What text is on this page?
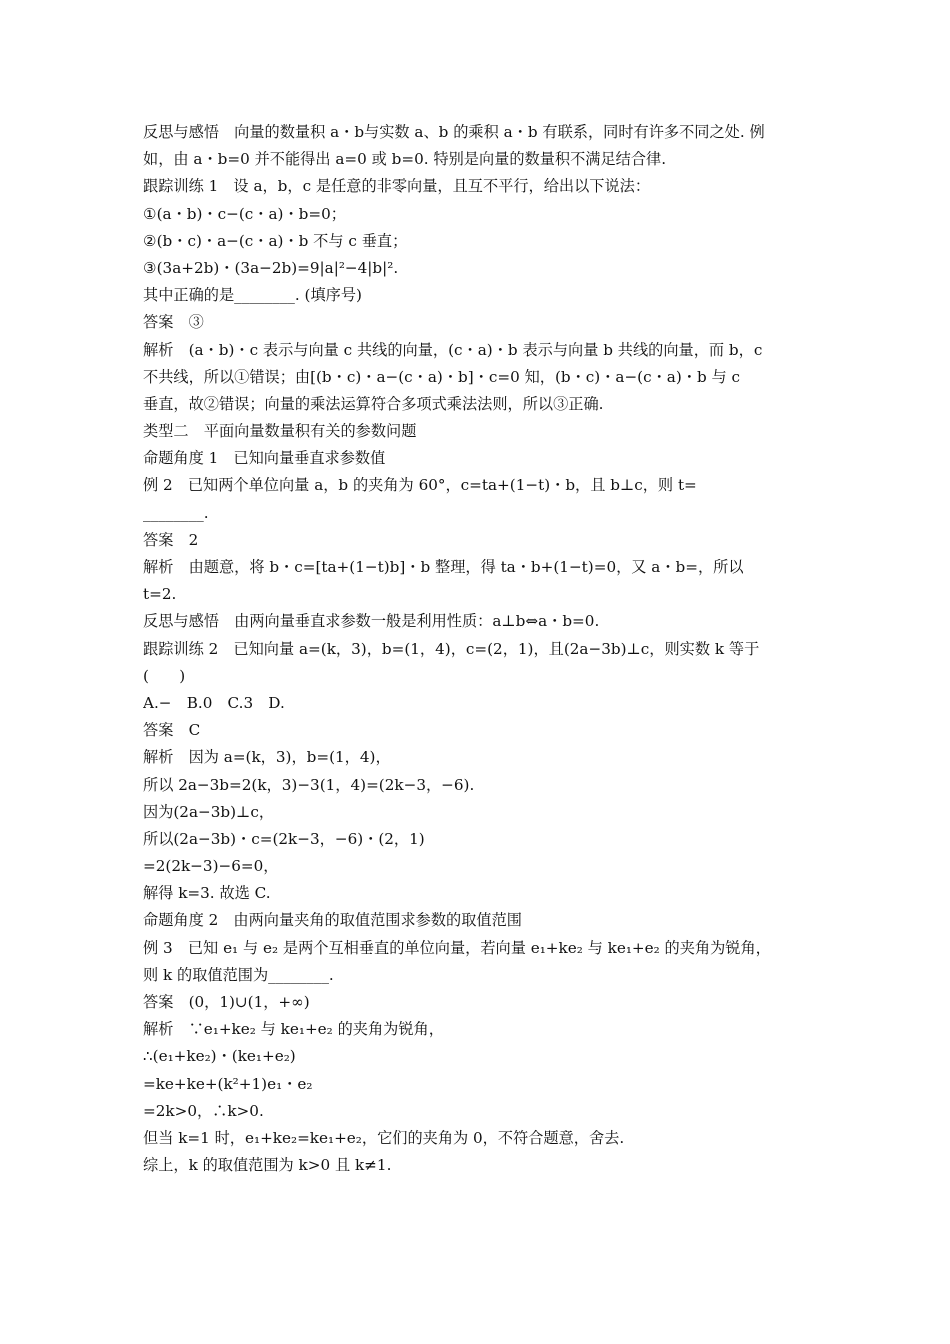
反思与感悟　向量的数量积 a・b与实数 a、b 的乘积 a・b 有联系，同时有许多不同之处. 例
如，由 a・b=0 并不能得出 a=0 或 b=0. 特别是向量的数量积不满足结合律.
跟踪训练 1　设 a，b，c 是任意的非零向量，且互不平行，给出以下说法：
①(a・b)・c−(c・a)・b=0；
②(b・c)・a−(c・a)・b 不与 c 垂直；
③(3a+2b)・(3a−2b)=9|a|²−4|b|².
其中正确的是________. (填序号)
答案　③
解析　(a・b)・c 表示与向量 c 共线的向量，(c・a)・b 表示与向量 b 共线的向量，而 b，c
不共线，所以①错误；由[(b・c)・a−(c・a)・b]・c=0 知，(b・c)・a−(c・a)・b 与 c
垂直，故②错误；向量的乘法运算符合多项式乘法法则，所以③正确.
类型二　平面向量数量积有关的参数问题
命题角度 1　已知向量垂直求参数值
例 2　已知两个单位向量 a，b 的夹角为 60°，c=ta+(1−t)・b，且 b⊥c，则 t=
________.
答案　2
解析　由题意，将 b・c=[ta+(1−t)b]・b 整理，得 ta・b+(1−t)=0，又 a・b=，所以
t=2.
反思与感悟　由两向量垂直求参数一般是利用性质：a⊥b⇔a・b=0.
跟踪训练 2　已知向量 a=(k，3)，b=(1，4)，c=(2，1)，且(2a−3b)⊥c，则实数 k 等于
(　　)
A.−　B.0　C.3　D.
答案　C
解析　因为 a=(k，3)，b=(1，4)，
所以 2a−3b=2(k，3)−3(1，4)=(2k−3，−6).
因为(2a−3b)⊥c，
所以(2a−3b)・c=(2k−3，−6)・(2，1)
=2(2k−3)−6=0，
解得 k=3. 故选 C.
命题角度 2　由两向量夹角的取值范围求参数的取值范围
例 3　已知 e₁ 与 e₂ 是两个互相垂直的单位向量，若向量 e₁+ke₂ 与 ke₁+e₂ 的夹角为锐角，
则 k 的取值范围为________.
答案　(0，1)∪(1，+∞)
解析　∵e₁+ke₂ 与 ke₁+e₂ 的夹角为锐角，
∴(e₁+ke₂)・(ke₁+e₂)
=ke+ke+(k²+1)e₁・e₂
=2k>0，∴k>0.
但当 k=1 时，e₁+ke₂=ke₁+e₂，它们的夹角为 0，不符合题意，舍去.
综上，k 的取值范围为 k>0 且 k≠1.
